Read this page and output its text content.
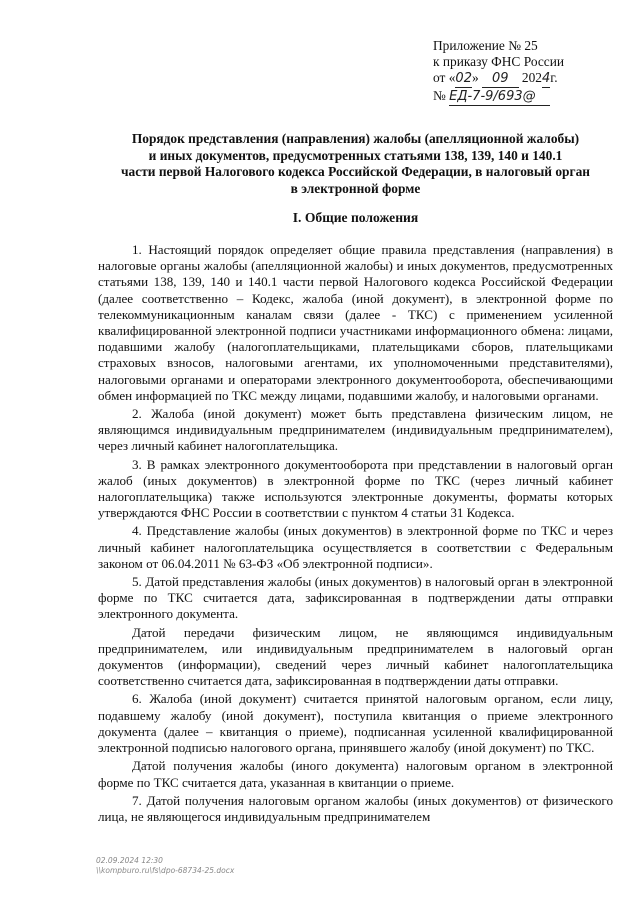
Приложение № 25
к приказу ФНС России
от «02» 09 2024г.
№ ЕД-7-9/693@
Порядок представления (направления) жалобы (апелляционной жалобы)
и иных документов, предусмотренных статьями 138, 139, 140 и 140.1
части первой Налогового кодекса Российской Федерации, в налоговый орган
в электронной форме
I. Общие положения

1. Настоящий порядок определяет общие правила представления (направления) в налоговые органы жалобы (апелляционной жалобы) и иных документов, предусмотренных статьями 138, 139, 140 и 140.1 части первой Налогового кодекса Российской Федерации (далее соответственно – Кодекс, жалоба (иной документ), в электронной форме по телекоммуникационным каналам связи (далее - ТКС) с применением усиленной квалифицированной электронной подписи участниками информационного обмена: лицами, подавшими жалобу (налогоплательщиками, плательщиками сборов, плательщиками страховых взносов, налоговыми агентами, их уполномоченными представителями), налоговыми органами и операторами электронного документооборота, обеспечивающими обмен информацией по ТКС между лицами, подавшими жалобу, и налоговыми органами.

2. Жалоба (иной документ) может быть представлена физическим лицом, не являющимся индивидуальным предпринимателем (индивидуальным предпринимателем), через личный кабинет налогоплательщика.

3. В рамках электронного документооборота при представлении в налоговый орган жалоб (иных документов) в электронной форме по ТКС (через личный кабинет налогоплательщика) также используются электронные документы, форматы которых утверждаются ФНС России в соответствии с пунктом 4 статьи 31 Кодекса.

4. Представление жалобы (иных документов) в электронной форме по ТКС и через личный кабинет налогоплательщика осуществляется в соответствии с Федеральным законом от 06.04.2011 № 63-ФЗ «Об электронной подписи».

5. Датой представления жалобы (иных документов) в налоговый орган в электронной форме по ТКС считается дата, зафиксированная в подтверждении даты отправки электронного документа.

Датой передачи физическим лицом, не являющимся индивидуальным предпринимателем, или индивидуальным предпринимателем в налоговый орган документов (информации), сведений через личный кабинет налогоплательщика соответственно считается дата, зафиксированная в подтверждении даты отправки.

6. Жалоба (иной документ) считается принятой налоговым органом, если лицу, подавшему жалобу (иной документ), поступила квитанция о приеме электронного документа (далее – квитанция о приеме), подписанная усиленной квалифицированной электронной подписью налогового органа, принявшего жалобу (иной документ) по ТКС.

Датой получения жалобы (иного документа) налоговым органом в электронной форме по ТКС считается дата, указанная в квитанции о приеме.

7. Датой получения налоговым органом жалобы (иных документов) от физического лица, не являющегося индивидуальным предпринимателем

02.09.2024 12:30
\\kompburo.ru\fs\dpo-68734-25.docx
